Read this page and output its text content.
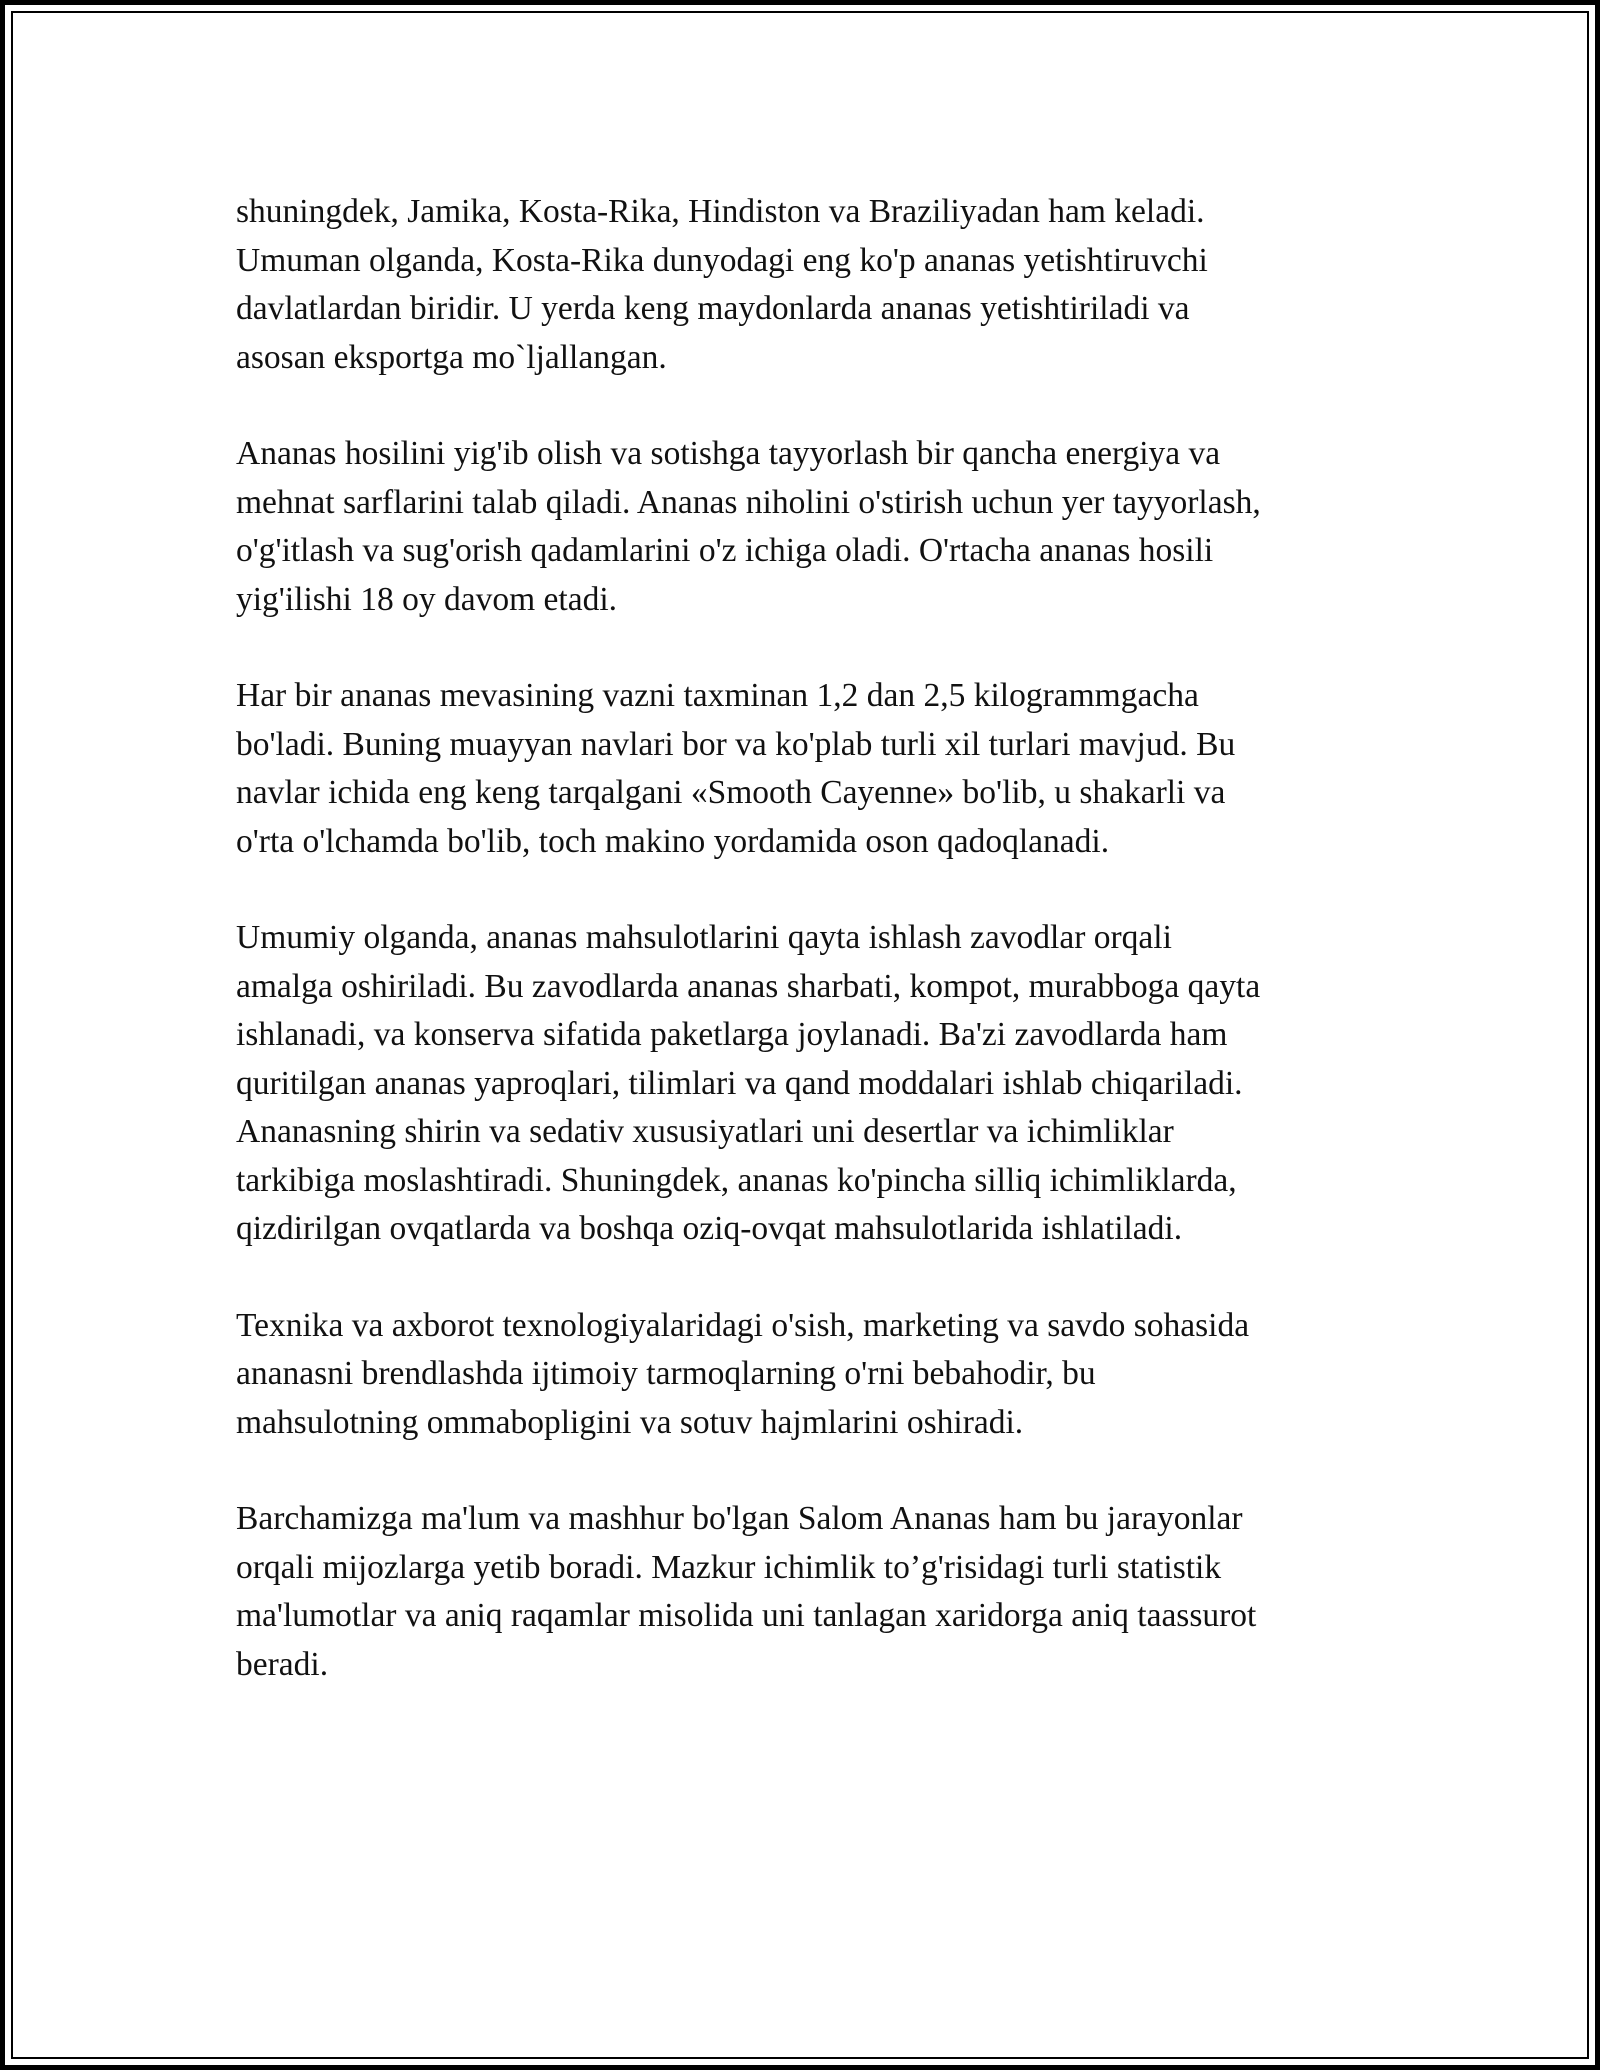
shuningdek, Jamika, Kosta-Rika, Hindiston va Braziliyadan ham keladi.
Umuman olganda, Kosta-Rika dunyodagi eng ko'p ananas yetishtiruvchi
davlatlardan biridir. U yerda keng maydonlarda ananas yetishtiriladi va
asosan eksportga mo`ljallangan.

Ananas hosilini yig'ib olish va sotishga tayyorlash bir qancha energiya va
mehnat sarflarini talab qiladi. Ananas niholini o'stirish uchun yer tayyorlash,
o'g'itlash va sug'orish qadamlarini o'z ichiga oladi. O'rtacha ananas hosili
yig'ilishi 18 oy davom etadi.

Har bir ananas mevasining vazni taxminan 1,2 dan 2,5 kilogrammgacha
bo'ladi. Buning muayyan navlari bor va ko'plab turli xil turlari mavjud. Bu
navlar ichida eng keng tarqalgani «Smooth Cayenne» bo'lib, u shakarli va
o'rta o'lchamda bo'lib, toch makino yordamida oson qadoqlanadi.

Umumiy olganda, ananas mahsulotlarini qayta ishlash zavodlar orqali
amalga oshiriladi. Bu zavodlarda ananas sharbati, kompot, murabboga qayta
ishlanadi, va konserva sifatida paketlarga joylanadi. Ba'zi zavodlarda ham
quritilgan ananas yaproqlari, tilimlari va qand moddalari ishlab chiqariladi.
Ananasning shirin va sedativ xususiyatlari uni desertlar va ichimliklar
tarkibiga moslashtiradi. Shuningdek, ananas ko'pincha silliq ichimliklarda,
qizdirilgan ovqatlarda va boshqa oziq-ovqat mahsulotlarida ishlatiladi.

Texnika va axborot texnologiyalaridagi o'sish, marketing va savdo sohasida
ananasni brendlashda ijtimoiy tarmoqlarning o'rni bebahodir, bu
mahsulotning ommabopligini va sotuv hajmlarini oshiradi.

Barchamizga ma'lum va mashhur bo'lgan Salom Ananas ham bu jarayonlar
orqali mijozlarga yetib boradi. Mazkur ichimlik to’g'risidagi turli statistik
ma'lumotlar va aniq raqamlar misolida uni tanlagan xaridorga aniq taassurot
beradi.
